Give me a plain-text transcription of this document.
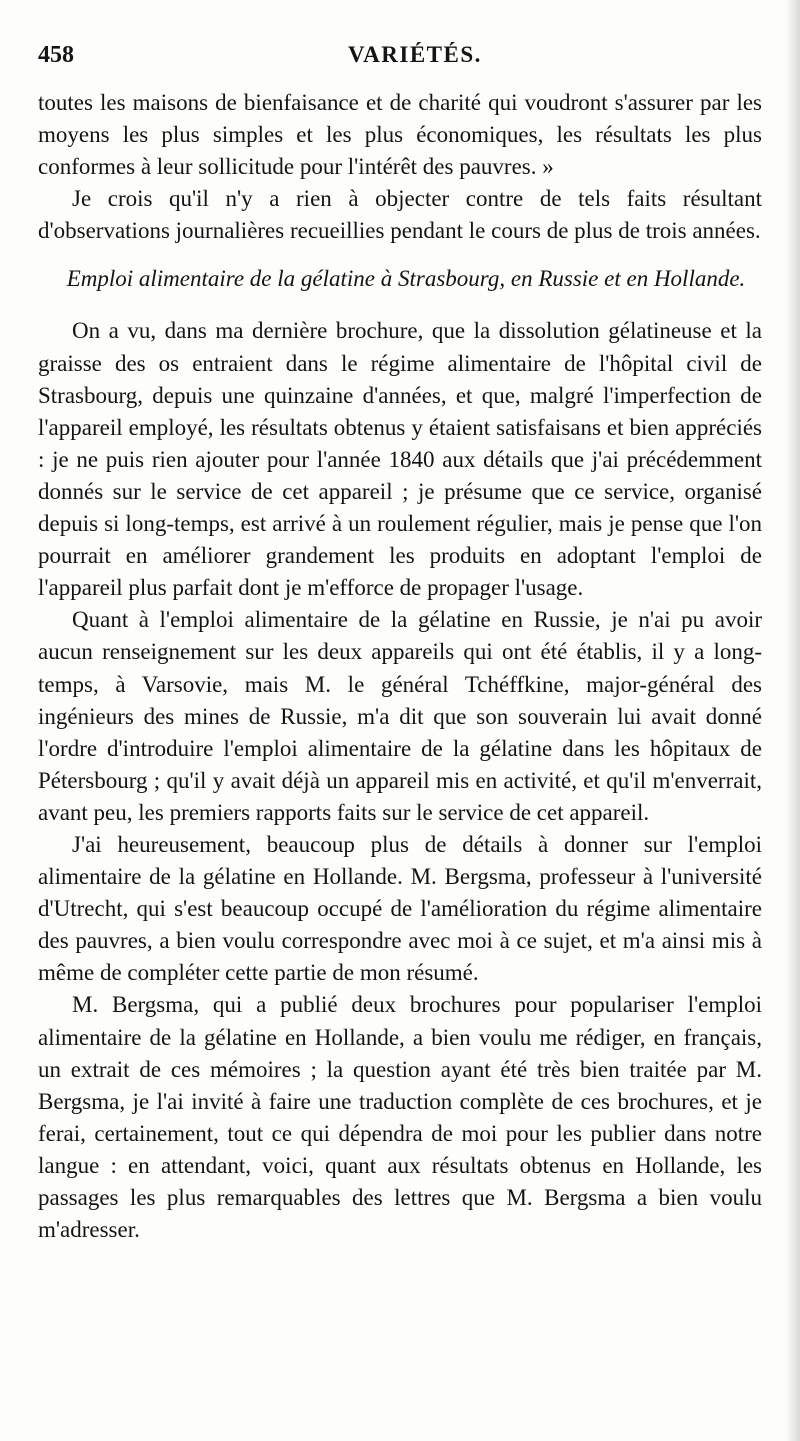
458	VARIÉTÉS.

toutes les maisons de bienfaisance et de charité qui voudront s'assurer par les moyens les plus simples et les plus économiques, les résultats les plus conformes à leur sollicitude pour l'intérêt des pauvres. »

Je crois qu'il n'y a rien à objecter contre de tels faits résultant d'observations journalières recueillies pendant le cours de plus de trois années.

Emploi alimentaire de la gélatine à Strasbourg, en Russie et en Hollande.

On a vu, dans ma dernière brochure, que la dissolution gélatineuse et la graisse des os entraient dans le régime alimentaire de l'hôpital civil de Strasbourg, depuis une quinzaine d'années, et que, malgré l'imperfection de l'appareil employé, les résultats obtenus y étaient satisfaisans et bien appréciés : je ne puis rien ajouter pour l'année 1840 aux détails que j'ai précédemment donnés sur le service de cet appareil ; je présume que ce service, organisé depuis si long-temps, est arrivé à un roulement régulier, mais je pense que l'on pourrait en améliorer grandement les produits en adoptant l'emploi de l'appareil plus parfait dont je m'efforce de propager l'usage.

Quant à l'emploi alimentaire de la gélatine en Russie, je n'ai pu avoir aucun renseignement sur les deux appareils qui ont été établis, il y a long-temps, à Varsovie, mais M. le général Tchéffkine, major-général des ingénieurs des mines de Russie, m'a dit que son souverain lui avait donné l'ordre d'introduire l'emploi alimentaire de la gélatine dans les hôpitaux de Pétersbourg ; qu'il y avait déjà un appareil mis en activité, et qu'il m'enverrait, avant peu, les premiers rapports faits sur le service de cet appareil.

J'ai heureusement, beaucoup plus de détails à donner sur l'emploi alimentaire de la gélatine en Hollande. M. Bergsma, professeur à l'université d'Utrecht, qui s'est beaucoup occupé de l'amélioration du régime alimentaire des pauvres, a bien voulu correspondre avec moi à ce sujet, et m'a ainsi mis à même de compléter cette partie de mon résumé.

M. Bergsma, qui a publié deux brochures pour populariser l'emploi alimentaire de la gélatine en Hollande, a bien voulu me rédiger, en français, un extrait de ces mémoires ; la question ayant été très bien traitée par M. Bergsma, je l'ai invité à faire une traduction complète de ces brochures, et je ferai, certainement, tout ce qui dépendra de moi pour les publier dans notre langue : en attendant, voici, quant aux résultats obtenus en Hollande, les passages les plus remarquables des lettres que M. Bergsma a bien voulu m'adresser.
